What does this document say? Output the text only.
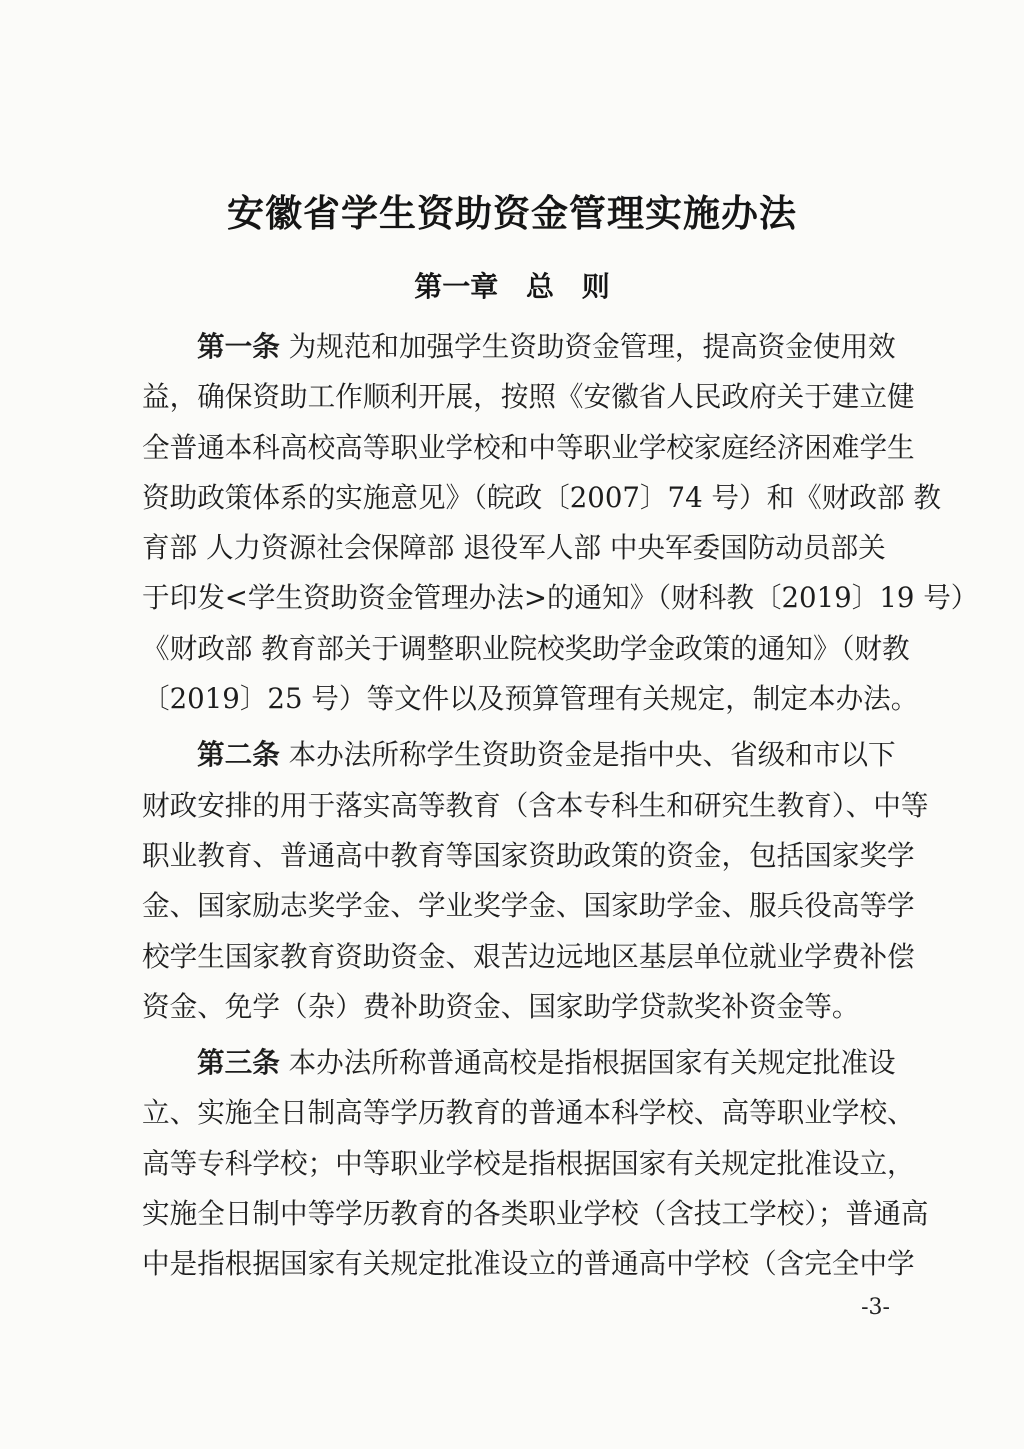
安徽省学生资助资金管理实施办法
第一章 总 则
第一条 为规范和加强学生资助资金管理，提高资金使用效
益，确保资助工作顺利开展，按照《安徽省人民政府关于建立健
全普通本科高校高等职业学校和中等职业学校家庭经济困难学生
资助政策体系的实施意见》（皖政〔2007〕74 号）和《财政部 教
育部 人力资源社会保障部 退役军人部 中央军委国防动员部关
于印发<学生资助资金管理办法>的通知》（财科教〔2019〕19 号）
《财政部 教育部关于调整职业院校奖助学金政策的通知》（财教
〔2019〕25 号）等文件以及预算管理有关规定，制定本办法。
第二条 本办法所称学生资助资金是指中央、省级和市以下
财政安排的用于落实高等教育（含本专科生和研究生教育）、中等
职业教育、普通高中教育等国家资助政策的资金，包括国家奖学
金、国家励志奖学金、学业奖学金、国家助学金、服兵役高等学
校学生国家教育资助资金、艰苦边远地区基层单位就业学费补偿
资金、免学（杂）费补助资金、国家助学贷款奖补资金等。
第三条 本办法所称普通高校是指根据国家有关规定批准设
立、实施全日制高等学历教育的普通本科学校、高等职业学校、
高等专科学校；中等职业学校是指根据国家有关规定批准设立，
实施全日制中等学历教育的各类职业学校（含技工学校）；普通高
中是指根据国家有关规定批准设立的普通高中学校（含完全中学
-3-
